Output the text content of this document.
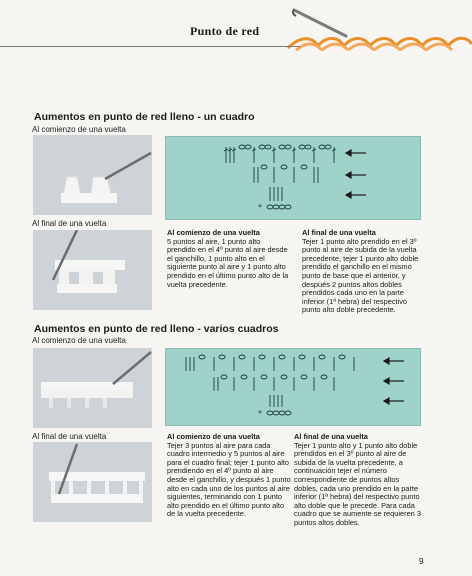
Punto de red
Aumentos en punto de red lleno - un cuadro
Al comienzo de una vuelta
Al final de una vuelta
*
Al comienzo de una vuelta
5 puntos al aire, 1 punto alto prendido en el 4º punto al aire desde el ganchillo, 1 punto alto en el siguiente punto al aire y 1 punto alto prendido en el último punto alto de la vuelta precedente.
Al final de una vuelta
Tejer 1 punto alto prendido en el 3º punto al aire de subida de la vuelta precedente, tejer 1 punto alto doble prendido el ganchillo en el mismo punto de base que el anterior, y después 2 puntos altos dobles prendidos cada uno en la parte inferior (1ª hebra) del respectivo punto alto doble precedente.
Aumentos en punto de red lleno - varios cuadros
Al comienzo de una vuelta
Al final de una vuelta
*
Al comienzo de una vuelta
Tejer 3 puntos al aire para cada cuadro intermedio y 5 puntos al aire para el cuadro final; tejer 1 punto alto prendiendo en el 4º punto al aire desde el ganchillo, y después 1 punto alto en cada uno de los puntos al aire siguientes, terminando con 1 punto alto prendido en el último punto alto de la vuelta precedente.
Al final de una vuelta
Tejer 1 punto alto y 1 punto alto doble prendidos en el 3º punto al aire de subida de la vuelta precedente, a continuación tejer el número correspondiente de puntos altos dobles, cada uno prendido en la parte inferior (1ª hebra) del respectivo punto alto doble que le precede. Para cada cuadro que se aumente se requieren 3 puntos altos dobles.
9
